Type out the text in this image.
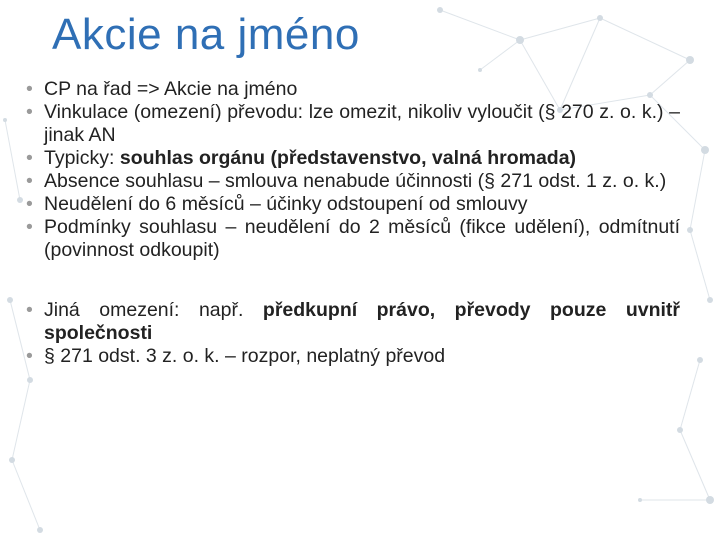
Akcie na jméno
• CP na řad => Akcie na jméno
• Vinkulace (omezení) převodu: lze omezit, nikoliv vyloučit (§ 270 z. o. k.) – jinak AN
• Typicky: souhlas orgánu (představenstvo, valná hromada)
• Absence souhlasu – smlouva nenabude účinnosti (§ 271 odst. 1 z. o. k.)
• Neudělení do 6 měsíců – účinky odstoupení od smlouvy
• Podmínky souhlasu – neudělení do 2 měsíců (fikce udělení), odmítnutí (povinnost odkoupit)
• Jiná omezení: např. předkupní právo, převody pouze uvnitř společnosti
• § 271 odst. 3 z. o. k. – rozpor, neplatný převod
